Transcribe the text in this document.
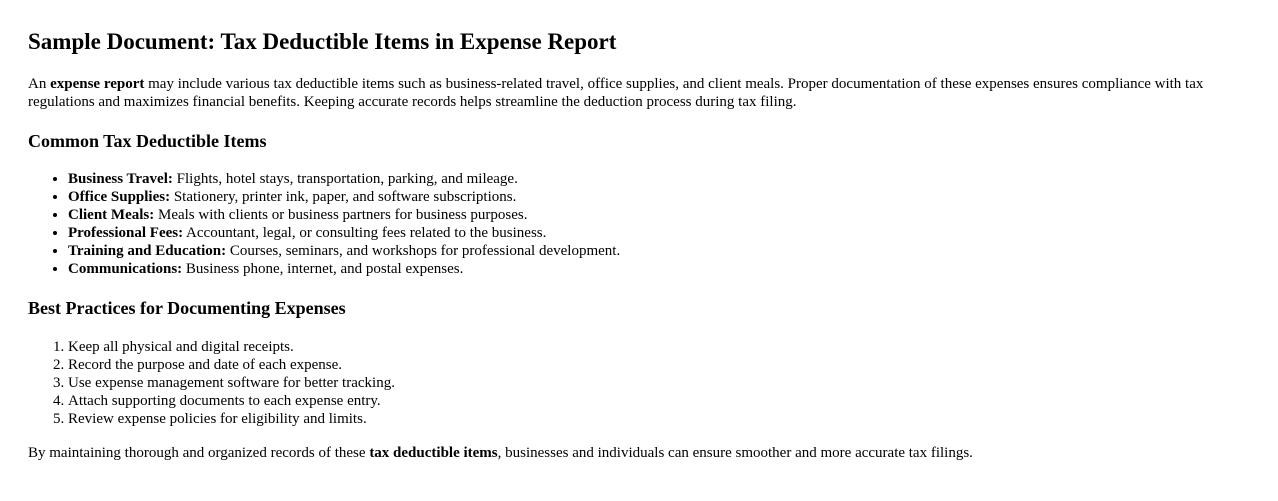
Sample Document: Tax Deductible Items in Expense Report

An expense report may include various tax deductible items such as business-related travel, office supplies, and client meals. Proper documentation of these expenses ensures compliance with tax regulations and maximizes financial benefits. Keeping accurate records helps streamline the deduction process during tax filing.

Common Tax Deductible Items
• Business Travel: Flights, hotel stays, transportation, parking, and mileage.
• Office Supplies: Stationery, printer ink, paper, and software subscriptions.
• Client Meals: Meals with clients or business partners for business purposes.
• Professional Fees: Accountant, legal, or consulting fees related to the business.
• Training and Education: Courses, seminars, and workshops for professional development.
• Communications: Business phone, internet, and postal expenses.
Best Practices for Documenting Expenses
1. Keep all physical and digital receipts.
2. Record the purpose and date of each expense.
3. Use expense management software for better tracking.
4. Attach supporting documents to each expense entry.
5. Review expense policies for eligibility and limits.

By maintaining thorough and organized records of these tax deductible items, businesses and individuals can ensure smoother and more accurate tax filings.
